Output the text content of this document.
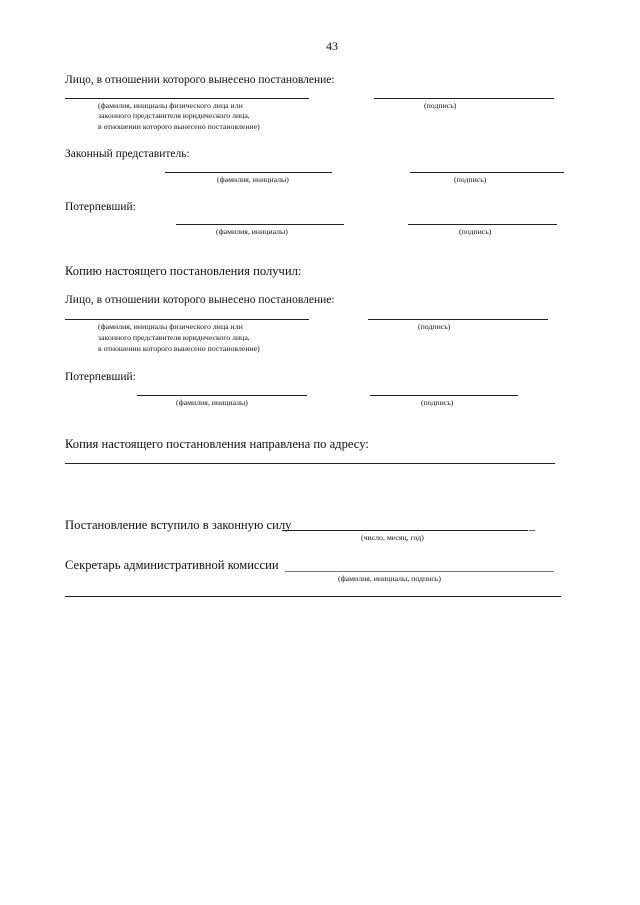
43
Лицо, в отношении которого вынесено постановление:
(фамилия, инициалы физического лица или
законного представителя юридического лица,
в отношении которого вынесено постановление)
(подпись)
Законный представитель:
(фамилия, инициалы)	(подпись)
Потерпевший:
(фамилия, инициалы)	(подпись)
Копию настоящего постановления получил:
Лицо, в отношении которого вынесено постановление:
(фамилия, инициалы физического лица или
законного представителя юридического лица,
в отношении которого вынесено постановление)
(подпись)
Потерпевший:
(фамилия, инициалы)	(подпись)
Копия настоящего постановления направлена по адресу:
Постановление вступило в законную силу	_
(число, месяц, год)
Секретарь административной комиссии
(фамилия, инициалы, подпись)
